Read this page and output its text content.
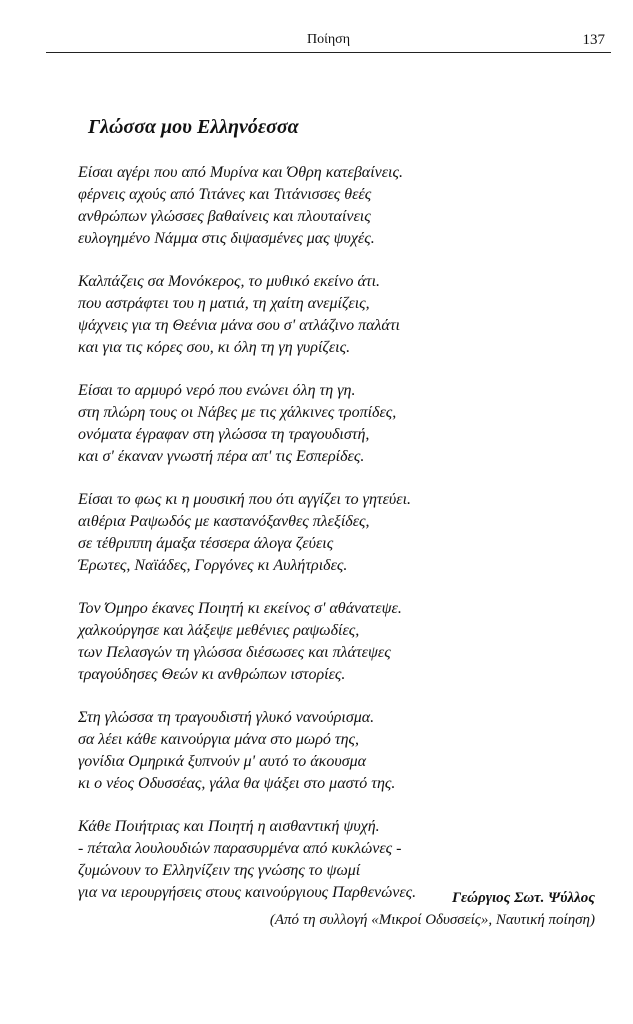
Ποίηση	137
Γλώσσα μου Ελληνόεσσα
Είσαι αγέρι που από Μυρίνα και Όθρη κατεβαίνεις.
φέρνεις αχούς από Τιτάνες και Τιτάνισσες θεές
ανθρώπων γλώσσες βαθαίνεις και πλουταίνεις
ευλογημένο Νάμμα στις διψασμένες μας ψυχές.
Καλπάζεις σα Μονόκερος, το μυθικό εκείνο άτι.
που αστράφτει του η ματιά, τη χαίτη ανεμίζεις,
ψάχνεις για τη Θεένια μάνα σου σ' ατλάζινο παλάτι
και για τις κόρες σου, κι όλη τη γη γυρίζεις.
Είσαι το αρμυρό νερό που ενώνει όλη τη γη.
στη πλώρη τους οι Νάβες με τις χάλκινες τροπίδες,
ονόματα έγραφαν στη γλώσσα τη τραγουδιστή,
και σ' έκαναν γνωστή πέρα απ' τις Εσπερίδες.
Είσαι το φως κι η μουσική που ότι αγγίζει το γητεύει.
αιθέρια Ραψωδός με καστανόξανθες πλεξίδες,
σε τέθριππη άμαξα τέσσερα άλογα ζεύεις
Έρωτες, Ναϊάδες, Γοργόνες κι Αυλήτριδες.
Τον Όμηρο έκανες Ποιητή κι εκείνος σ' αθάνατεψε.
χαλκούργησε και λάξεψε μεθένιες ραψωδίες,
των Πελασγών τη γλώσσα διέσωσες και πλάτεψες
τραγούδησες Θεών κι ανθρώπων ιστορίες.
Στη γλώσσα τη τραγουδιστή γλυκό νανούρισμα.
σα λέει κάθε καινούργια μάνα στο μωρό της,
γονίδια Ομηρικά ξυπνούν μ' αυτό το άκουσμα
κι ο νέος Οδυσσέας, γάλα θα ψάξει στο μαστό της.
Κάθε Ποιήτριας και Ποιητή η αισθαντική ψυχή.
- πέταλα λουλουδιών παρασυρμένα από κυκλώνες -
ζυμώνουν το Ελληνίζειν της γνώσης το ψωμί
για να ιερουργήσεις στους καινούργιους Παρθενώνες.	Γεώργιος Σωτ. Ψύλλος
(Από τη συλλογή «Μικροί Οδυσσείς», Ναυτική ποίηση)
